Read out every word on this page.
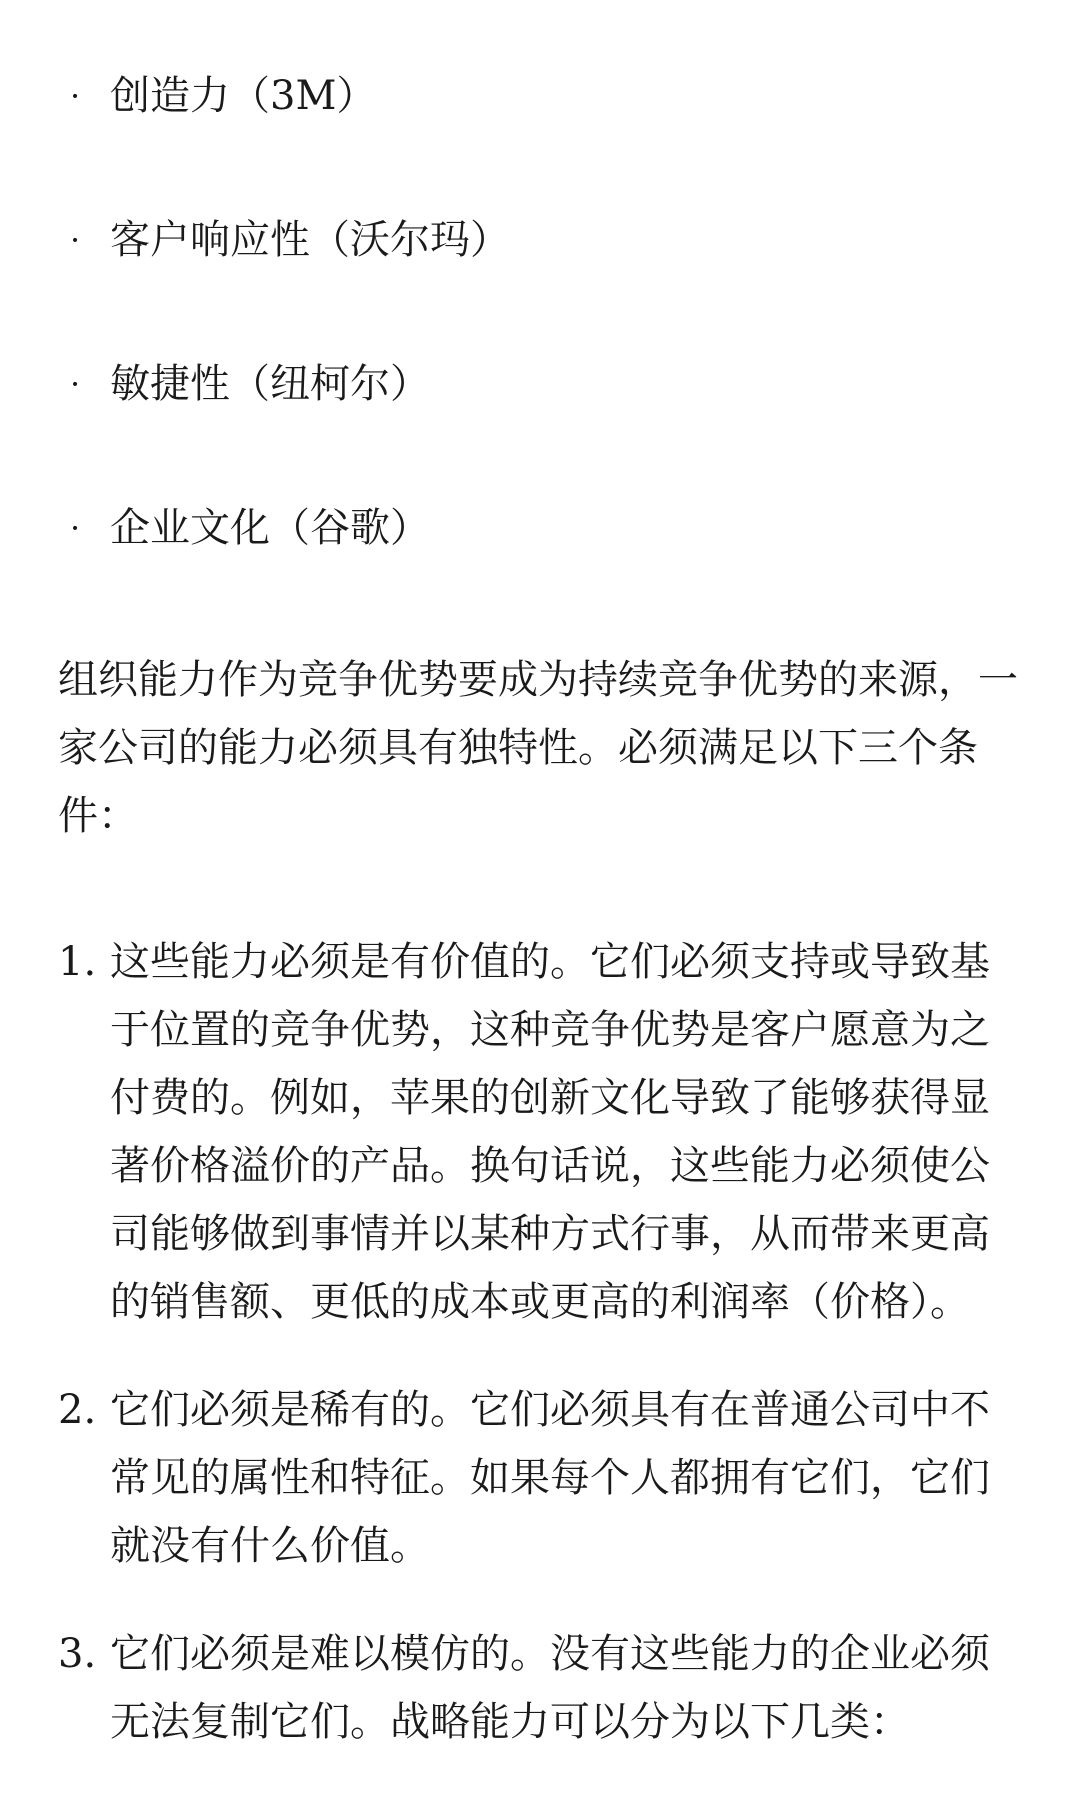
· 创造力（3M）
· 客户响应性（沃尔玛）
· 敏捷性（纽柯尔）
· 企业文化（谷歌）

组织能力作为竞争优势要成为持续竞争优势的来源，一家公司的能力必须具有独特性。必须满足以下三个条件：

1. 这些能力必须是有价值的。它们必须支持或导致基于位置的竞争优势，这种竞争优势是客户愿意为之付费的。例如，苹果的创新文化导致了能够获得显著价格溢价的产品。换句话说，这些能力必须使公司能够做到事情并以某种方式行事，从而带来更高的销售额、更低的成本或更高的利润率（价格）。
2. 它们必须是稀有的。它们必须具有在普通公司中不常见的属性和特征。如果每个人都拥有它们，它们就没有什么价值。
3. 它们必须是难以模仿的。没有这些能力的企业必须无法复制它们。战略能力可以分为以下几类：
